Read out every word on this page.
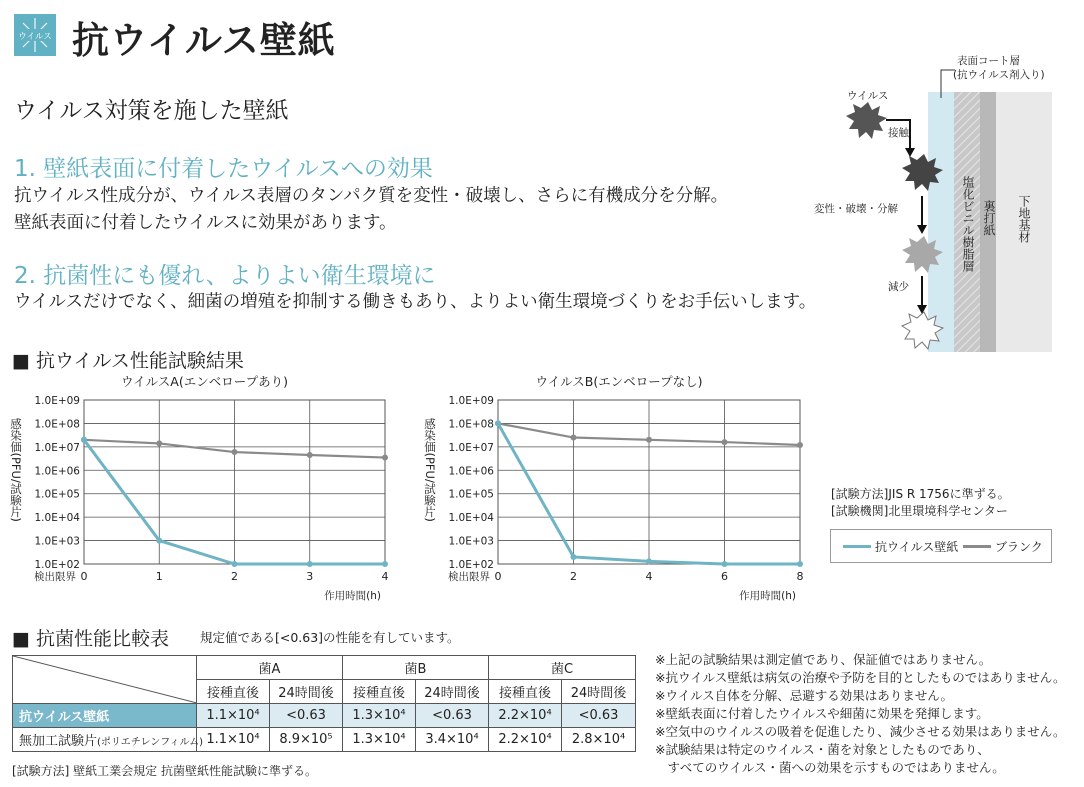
ウイルス 抗ウイルス壁紙
ウイルス対策を施した壁紙
1. 壁紙表面に付着したウイルスへの効果
抗ウイルス性成分が、ウイルス表層のタンパク質を変性・破壊し、さらに有機成分を分解。
壁紙表面に付着したウイルスに効果があります。
2. 抗菌性にも優れ、よりよい衛生環境に
ウイルスだけでなく、細菌の増殖を抑制する働きもあり、よりよい衛生環境づくりをお手伝いします。
表面コート層
(抗ウイルス剤入り)
塩化ビニル樹脂層 裏打紙 下地基材
ウイルス
接触
変性・破壊・分解
減少
■ 抗ウイルス性能試験結果
ウイルスA(エンベロープあり)
1.0E+02
1.0E+03
1.0E+04
1.0E+05
1.0E+06
1.0E+07
1.0E+08
1.0E+09
0	1	2	3	4
検出限界
作用時間(h)
感染価(PFU/試験片)
ウイルスB(エンベロープなし)
1.0E+02
1.0E+03
1.0E+04
1.0E+05
1.0E+06
1.0E+07
1.0E+08
1.0E+09
0	2	4	6	8
検出限界
作用時間(h)
感染価(PFU/試験片)	[試験方法]JIS R 1756に準ずる。
[試験機関]北里環境科学センター
抗ウイルス壁紙	ブランク
■ 抗菌性能比較表 規定値である[<0.63]の性能を有しています。
	菌A		菌B		菌C	
	接種直後	24時間後	接種直後	24時間後	接種直後	24時間後
抗ウイルス壁紙	1.1×10⁴	<0.63	1.3×10⁴	<0.63	2.2×10⁴	<0.63
無加工試験片(ポリエチレンフィルム)	1.1×10⁴	8.9×10⁵	1.3×10⁴	3.4×10⁴	2.2×10⁴	2.8×10⁴
[試験方法] 壁紙工業会規定 抗菌壁紙性能試験に準ずる。
※上記の試験結果は測定値であり、保証値ではありません。
※抗ウイルス壁紙は病気の治療や予防を目的としたものではありません。
※ウイルス自体を分解、忌避する効果はありません。
※壁紙表面に付着したウイルスや細菌に効果を発揮します。
※空気中のウイルスの吸着を促進したり、減少させる効果はありません。
※試験結果は特定のウイルス・菌を対象としたものであり、
　すべてのウイルス・菌への効果を示すものではありません。
